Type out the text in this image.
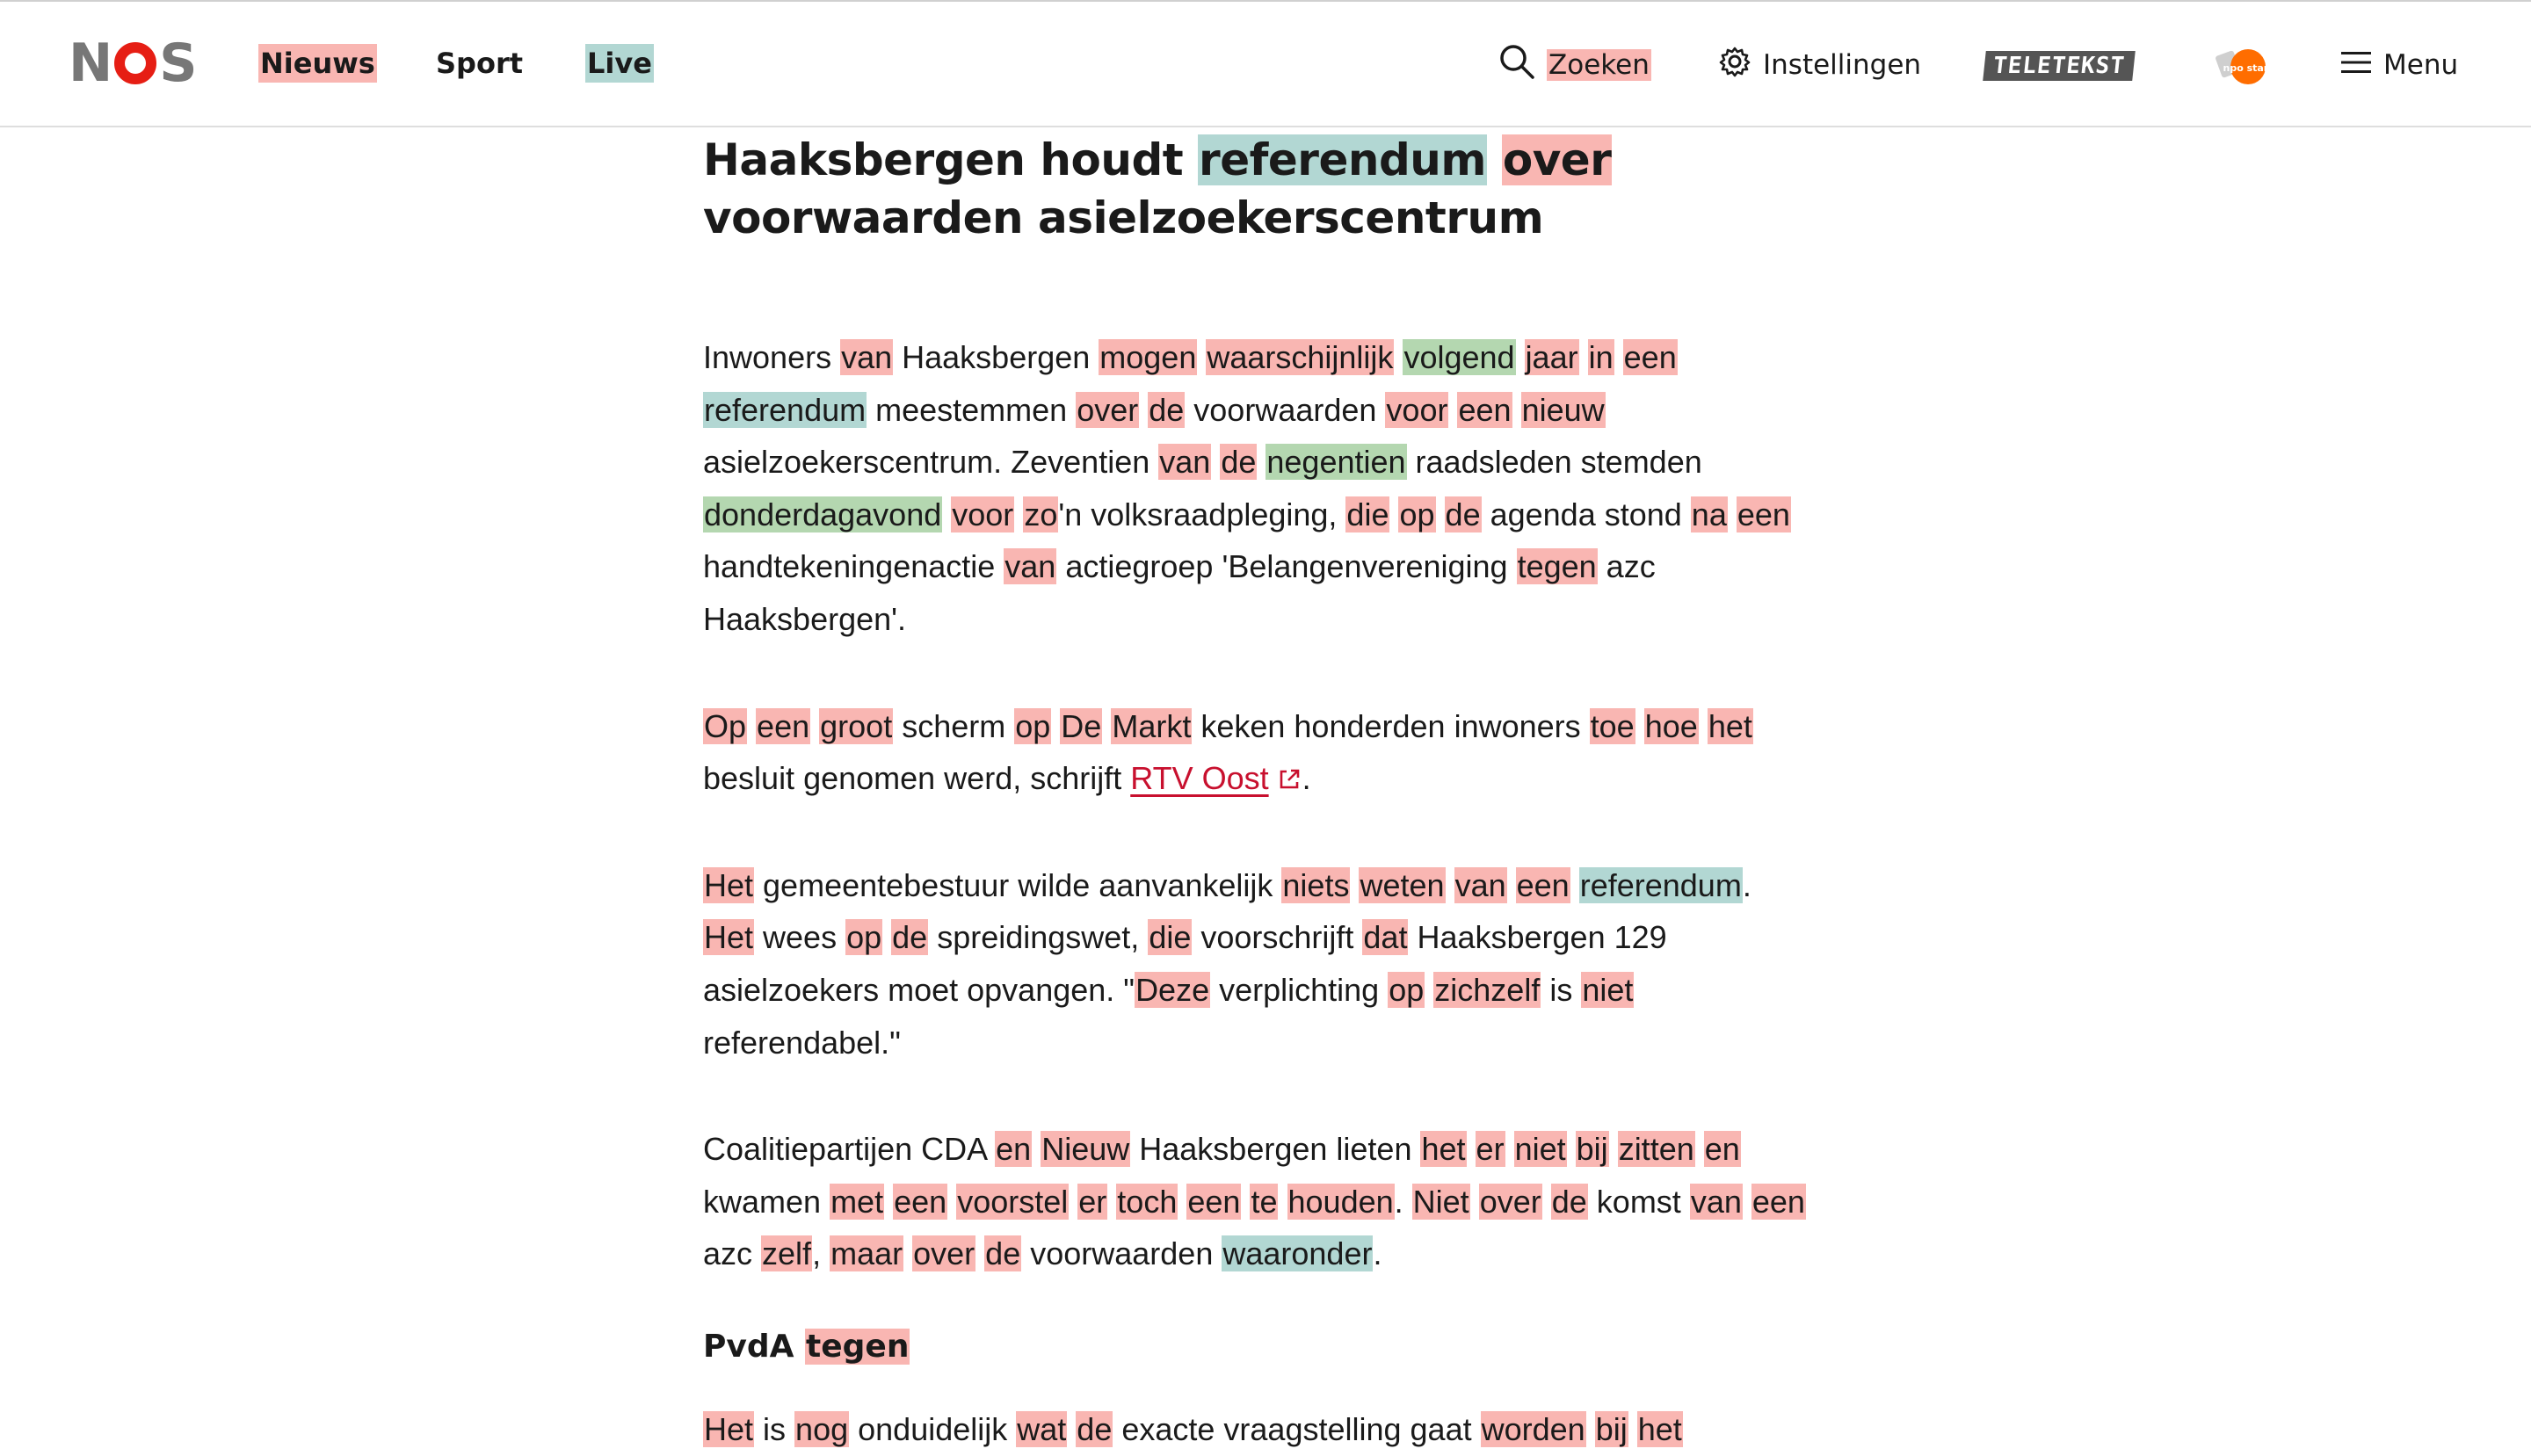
N S Nieuws Sport Live	Zoeken	Instellingen	TELETEKST	npo start	Menu
Haaksbergen houdt referendum over voorwaarden asielzoekerscentrum

Inwoners van Haaksbergen mogen waarschijnlijk volgend jaar in een referendum meestemmen over de voorwaarden voor een nieuw asielzoekerscentrum. Zeventien van de negentien raadsleden stemden donderdagavond voor zo'n volksraadpleging, die op de agenda stond na een handtekeningenactie van actiegroep 'Belangenvereniging tegen azc Haaksbergen'.

Op een groot scherm op De Markt keken honderden inwoners toe hoe het besluit genomen werd, schrijft RTV Oost .

Het gemeentebestuur wilde aanvankelijk niets weten van een referendum. Het wees op de spreidingswet, die voorschrijft dat Haaksbergen 129 asielzoekers moet opvangen. "Deze verplichting op zichzelf is niet referendabel."

Coalitiepartijen CDA en Nieuw Haaksbergen lieten het er niet bij zitten en kwamen met een voorstel er toch een te houden. Niet over de komst van een azc zelf, maar over de voorwaarden waaronder.

PvdA tegen

Het is nog onduidelijk wat de exacte vraagstelling gaat worden bij het
